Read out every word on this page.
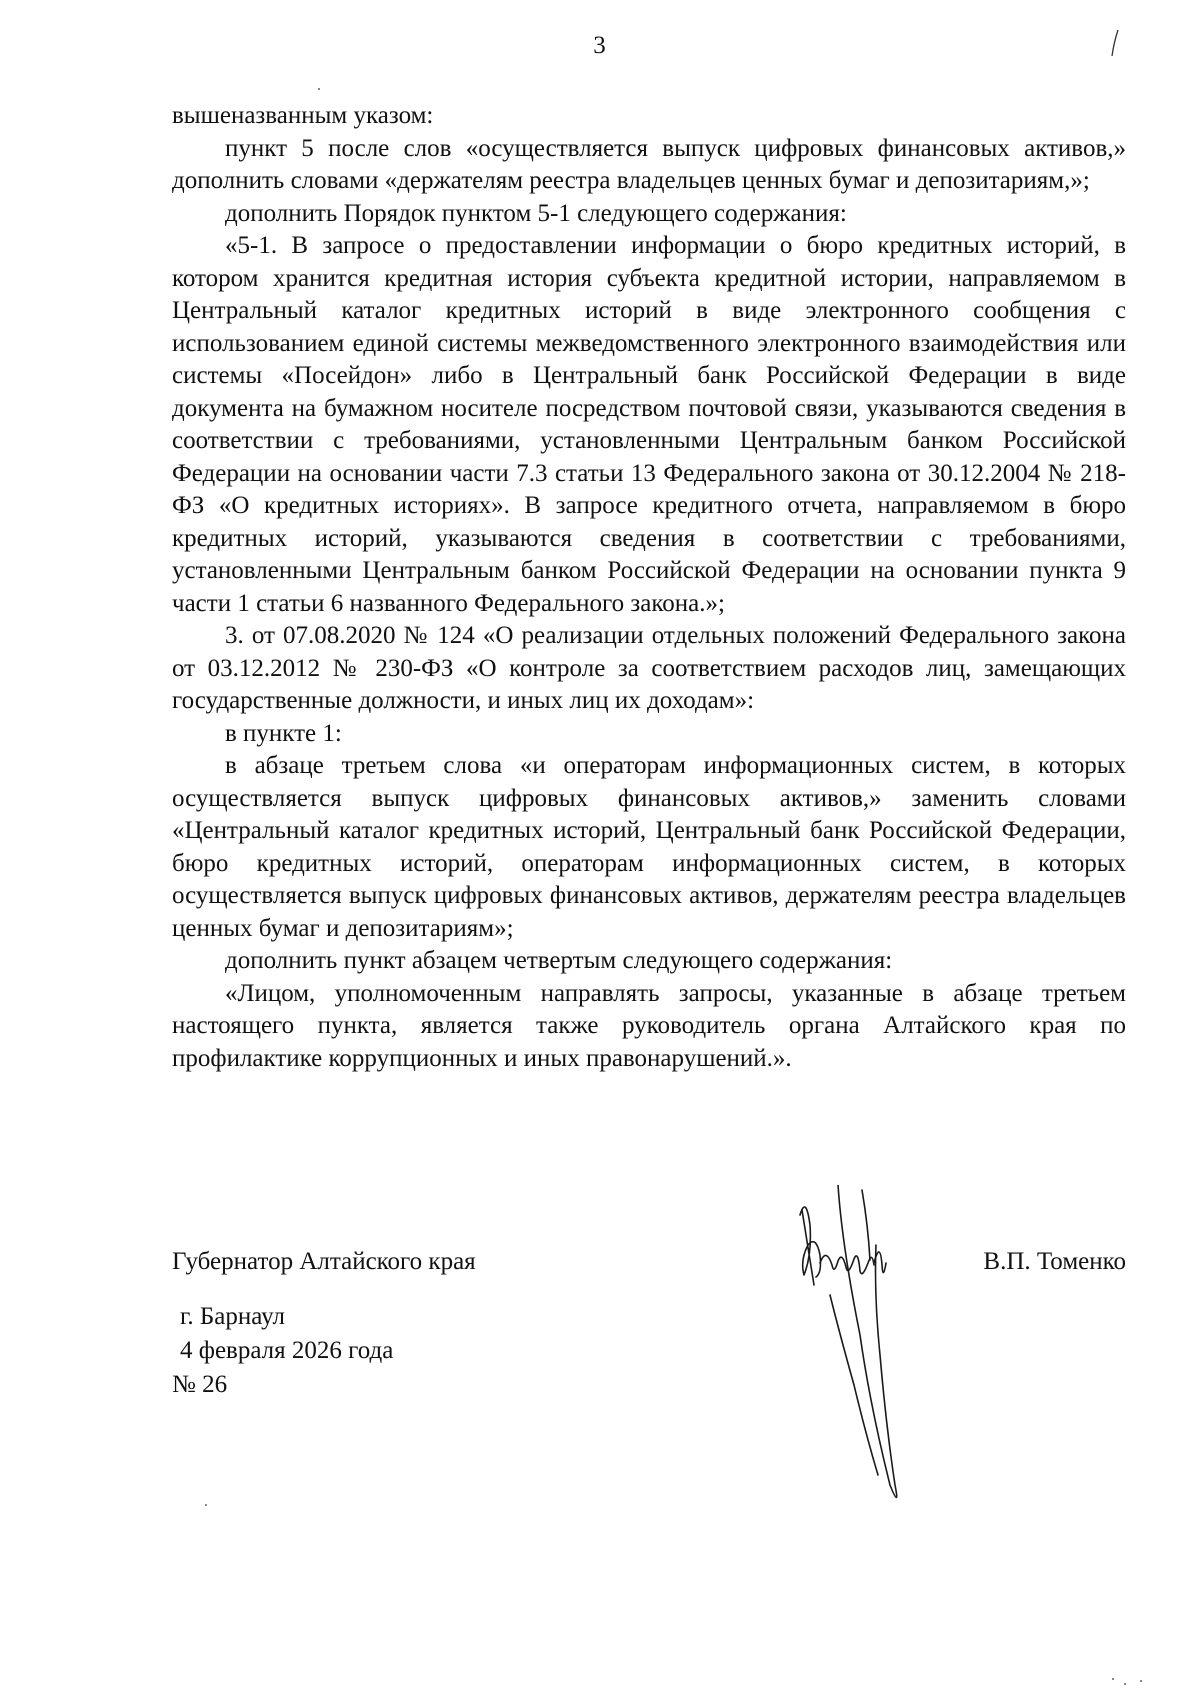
3

вышеназванным указом:

пункт 5 после слов «осуществляется выпуск цифровых финансовых активов,» дополнить словами «держателям реестра владельцев ценных бумаг и депозитариям,»;

дополнить Порядок пунктом 5-1 следующего содержания:

«5-1. В запросе о предоставлении информации о бюро кредитных историй, в котором хранится кредитная история субъекта кредитной истории, направляемом в Центральный каталог кредитных историй в виде электронного сообщения с использованием единой системы межведомственного электронного взаимодействия или системы «Посейдон» либо в Центральный банк Российской Федерации в виде документа на бумажном носителе посредством почтовой связи, указываются сведения в соответствии с требованиями, установленными Центральным банком Российской Федерации на основании части 7.3 статьи 13 Федерального закона от 30.12.2004 № 218-ФЗ «О кредитных историях». В запросе кредитного отчета, направляемом в бюро кредитных историй, указываются сведения в соответствии с требованиями, установленными Центральным банком Российской Федерации на основании пункта 9 части 1 статьи 6 названного Федерального закона.»;

3. от 07.08.2020 № 124 «О реализации отдельных положений Федерального закона от 03.12.2012 № 230-ФЗ «О контроле за соответствием расходов лиц, замещающих государственные должности, и иных лиц их доходам»:

в пункте 1:

в абзаце третьем слова «и операторам информационных систем, в которых осуществляется выпуск цифровых финансовых активов,» заменить словами «Центральный каталог кредитных историй, Центральный банк Российской Федерации, бюро кредитных историй, операторам информационных систем, в которых осуществляется выпуск цифровых финансовых активов, держателям реестра владельцев ценных бумаг и депозитариям»;

дополнить пункт абзацем четвертым следующего содержания:

«Лицом, уполномоченным направлять запросы, указанные в абзаце третьем настоящего пункта, является также руководитель органа Алтайского края по профилактике коррупционных и иных правонарушений.».

Губернатор Алтайского края	В.П. Томенко
г. Барнаул
4 февраля 2026 года
№ 26
